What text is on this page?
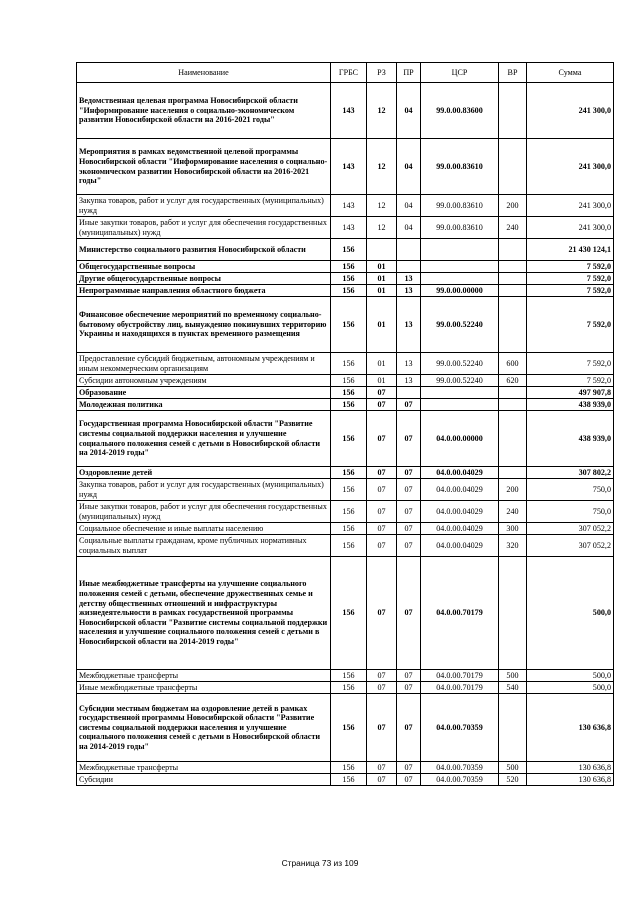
Наименование	ГРБС	РЗ	ПР	ЦСР	ВР	Сумма
Ведомственная целевая программа Новосибирской области "Информирование населения о социально-экономическом развитии Новосибирской области на 2016-2021 годы"	143	12	04	99.0.00.83600		241 300,0
Мероприятия в рамках ведомственной целевой программы Новосибирской области "Информирование населения о социально-экономическом развитии Новосибирской области на 2016-2021 годы"	143	12	04	99.0.00.83610		241 300,0
Закупка товаров, работ и услуг для государственных (муниципальных) нужд	143	12	04	99.0.00.83610	200	241 300,0
Иные закупки товаров, работ и услуг для обеспечения государственных (муниципальных) нужд	143	12	04	99.0.00.83610	240	241 300,0
Министерство социального развития Новосибирской области	156					21 430 124,1
Общегосударственные вопросы	156	01				7 592,0
Другие общегосударственные вопросы	156	01	13			7 592,0
Непрограммные направления областного бюджета	156	01	13	99.0.00.00000		7 592,0
Финансовое обеспечение мероприятий по временному социально-бытовому обустройству лиц, вынужденно покинувших территорию Украины и находящихся в пунктах временного размещения	156	01	13	99.0.00.52240		7 592,0
Предоставление субсидий бюджетным, автономным учреждениям и иным некоммерческим организациям	156	01	13	99.0.00.52240	600	7 592,0
Субсидии автономным учреждениям	156	01	13	99.0.00.52240	620	7 592,0
Образование	156	07				497 907,8
Молодежная политика	156	07	07			438 939,0
Государственная программа Новосибирской области "Развитие системы социальной поддержки населения и улучшение социального положения семей с детьми в Новосибирской области на 2014-2019 годы"	156	07	07	04.0.00.00000		438 939,0
Оздоровление детей	156	07	07	04.0.00.04029		307 802,2
Закупка товаров, работ и услуг для государственных (муниципальных) нужд	156	07	07	04.0.00.04029	200	750,0
Иные закупки товаров, работ и услуг для обеспечения государственных (муниципальных) нужд	156	07	07	04.0.00.04029	240	750,0
Социальное обеспечение и иные выплаты населению	156	07	07	04.0.00.04029	300	307 052,2
Социальные выплаты гражданам, кроме публичных нормативных социальных выплат	156	07	07	04.0.00.04029	320	307 052,2
Иные межбюджетные трансферты на улучшение социального положения семей с детьми, обеспечение дружественных семье и детству общественных отношений и инфраструктуры жизнедеятельности в рамках государственной программы Новосибирской области "Развитие системы социальной поддержки населения и улучшение социального положения семей с детьми в Новосибирской области на 2014-2019 годы"	156	07	07	04.0.00.70179		500,0
Межбюджетные трансферты	156	07	07	04.0.00.70179	500	500,0
Иные межбюджетные трансферты	156	07	07	04.0.00.70179	540	500,0
Субсидии местным бюджетам на оздоровление детей в рамках государственной программы Новосибирской области "Развитие системы социальной поддержки населения и улучшение социального положения семей с детьми в Новосибирской области на 2014-2019 годы"	156	07	07	04.0.00.70359		130 636,8
Межбюджетные трансферты	156	07	07	04.0.00.70359	500	130 636,8
Субсидии	156	07	07	04.0.00.70359	520	130 636,8
Страница 73 из 109
